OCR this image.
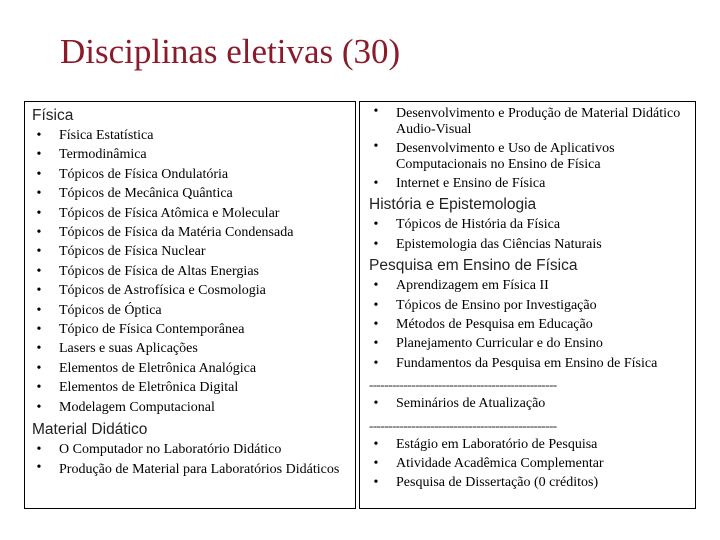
Disciplinas eletivas (30)
Física
•	Física Estatística
•	Termodinâmica
•	Tópicos de Física Ondulatória
•	Tópicos de Mecânica Quântica
•	Tópicos de Física Atômica e Molecular
•	Tópicos de Física da Matéria Condensada
•	Tópicos de Física Nuclear
•	Tópicos de Física de Altas Energias
•	Tópicos de Astrofísica e Cosmologia
•	Tópicos de Óptica
•	Tópico de Física Contemporânea
•	Lasers e suas Aplicações
•	Elementos de Eletrônica Analógica
•	Elementos de Eletrônica Digital
•	Modelagem Computacional
Material Didático
•	O Computador no Laboratório Didático
•	Produção de Material para Laboratórios Didáticos
•	Desenvolvimento e Produção de Material Didático Audio-Visual
•	Desenvolvimento e Uso de Aplicativos Computacionais no Ensino de Física
•	Internet e Ensino de Física
História e Epistemologia
•	Tópicos de História da Física
•	Epistemologia das Ciências Naturais
Pesquisa em Ensino de Física
•	Aprendizagem em Física II
•	Tópicos de Ensino por Investigação
•	Métodos de Pesquisa em Educação
•	Planejamento Curricular e do Ensino
•	Fundamentos da Pesquisa em Ensino de Física
-------------------------------------------------
•	Seminários de Atualização
-------------------------------------------------
•	Estágio em Laboratório de Pesquisa
•	Atividade Acadêmica Complementar
•	Pesquisa de Dissertação (0 créditos)
